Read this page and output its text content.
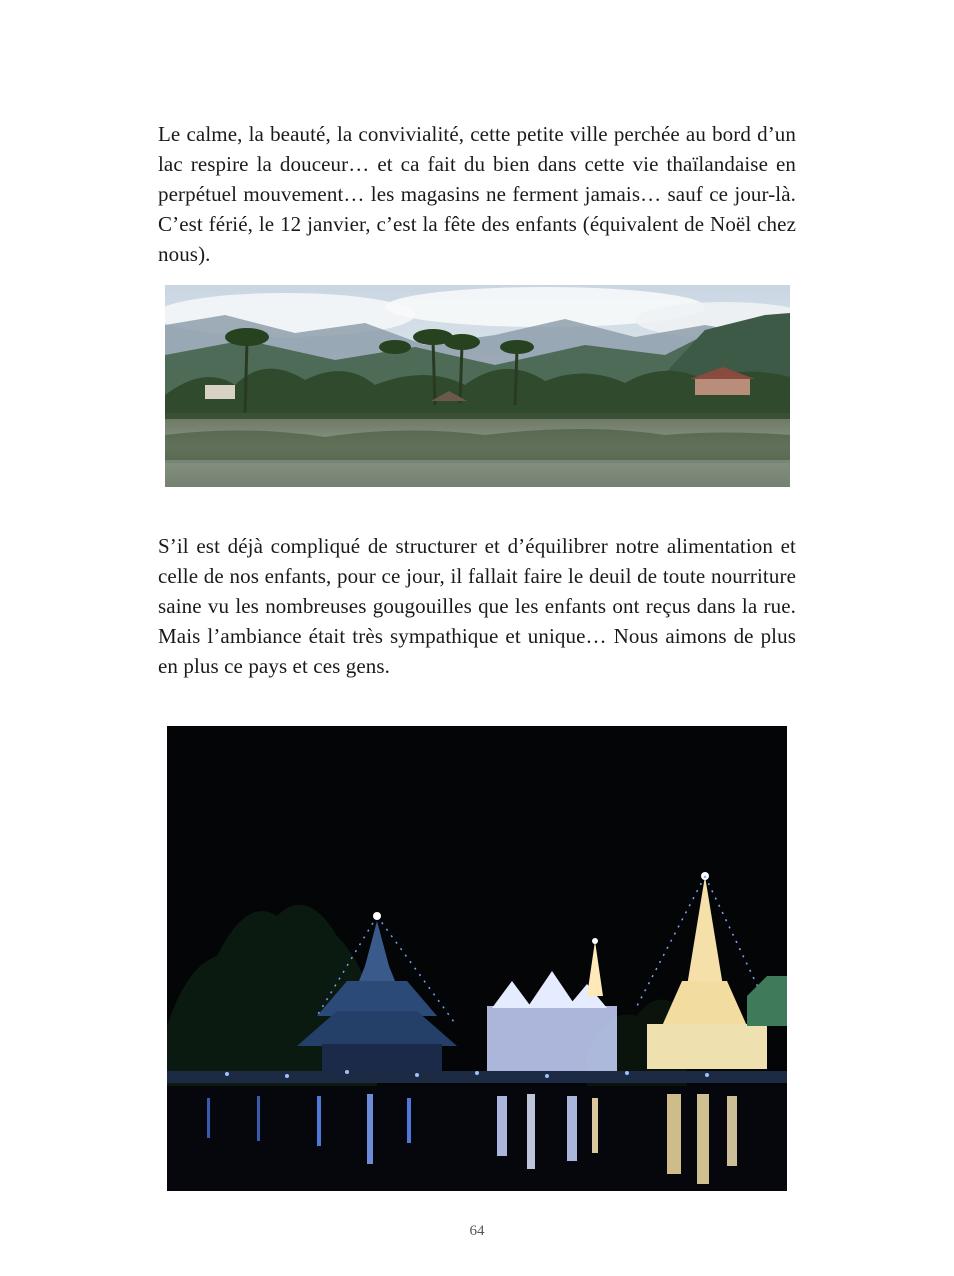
Le calme, la beauté, la convivialité, cette petite ville perchée au bord d’un lac respire la douceur… et ca fait du bien dans cette vie thaïlandaise en perpétuel mouvement… les magasins ne ferment jamais… sauf ce jour-là. C’est férié, le 12 janvier, c’est la fête des enfants (équivalent de Noël chez nous).

S’il est déjà compliqué de structurer et d’équilibrer notre alimentation et celle de nos enfants, pour ce jour, il fallait faire le deuil de toute nourriture saine vu les nombreuses gougouilles que les enfants ont reçus dans la rue. Mais l’ambiance était très sympathique et unique… Nous aimons de plus en plus ce pays et ces gens.

64
